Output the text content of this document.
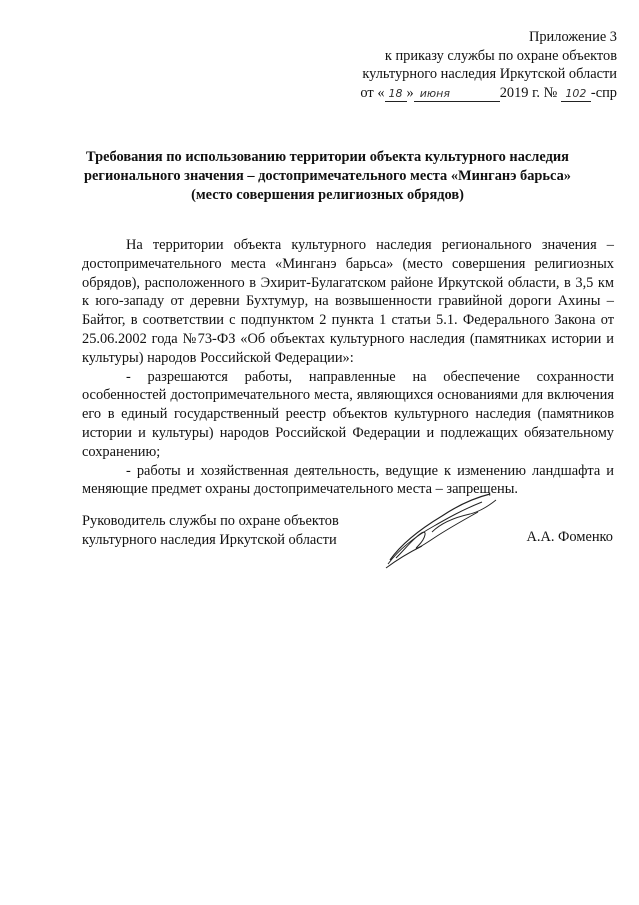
Приложение 3
к приказу службы по охране объектов
культурного наследия Иркутской области
от « 18 » июня	2019 г. № 102 -спр
Требования по использованию территории объекта культурного наследия
регионального значения – достопримечательного места «Минганэ барьса»
(место совершения религиозных обрядов)

На территории объекта культурного наследия регионального значения – достопримечательного места «Минганэ барьса» (место совершения религиозных обрядов), расположенного в Эхирит-Булагатском районе Иркутской области, в 3,5 км к юго-западу от деревни Бухтумур, на возвышенности гравийной дороги Ахины – Байтог, в соответствии с подпунктом 2 пункта 1 статьи 5.1. Федерального Закона от 25.06.2002 года №73-ФЗ «Об объектах культурного наследия (памятниках истории и культуры) народов Российской Федерации»:

- разрешаются работы, направленные на обеспечение сохранности особенностей достопримечательного места, являющихся основаниями для включения его в единый государственный реестр объектов культурного наследия (памятников истории и культуры) народов Российской Федерации и подлежащих обязательному сохранению;

- работы и хозяйственная деятельность, ведущие к изменению ландшафта и меняющие предмет охраны достопримечательного места – запрещены.

Руководитель службы по охране объектов
культурного наследия Иркутской области	А.А. Фоменко
